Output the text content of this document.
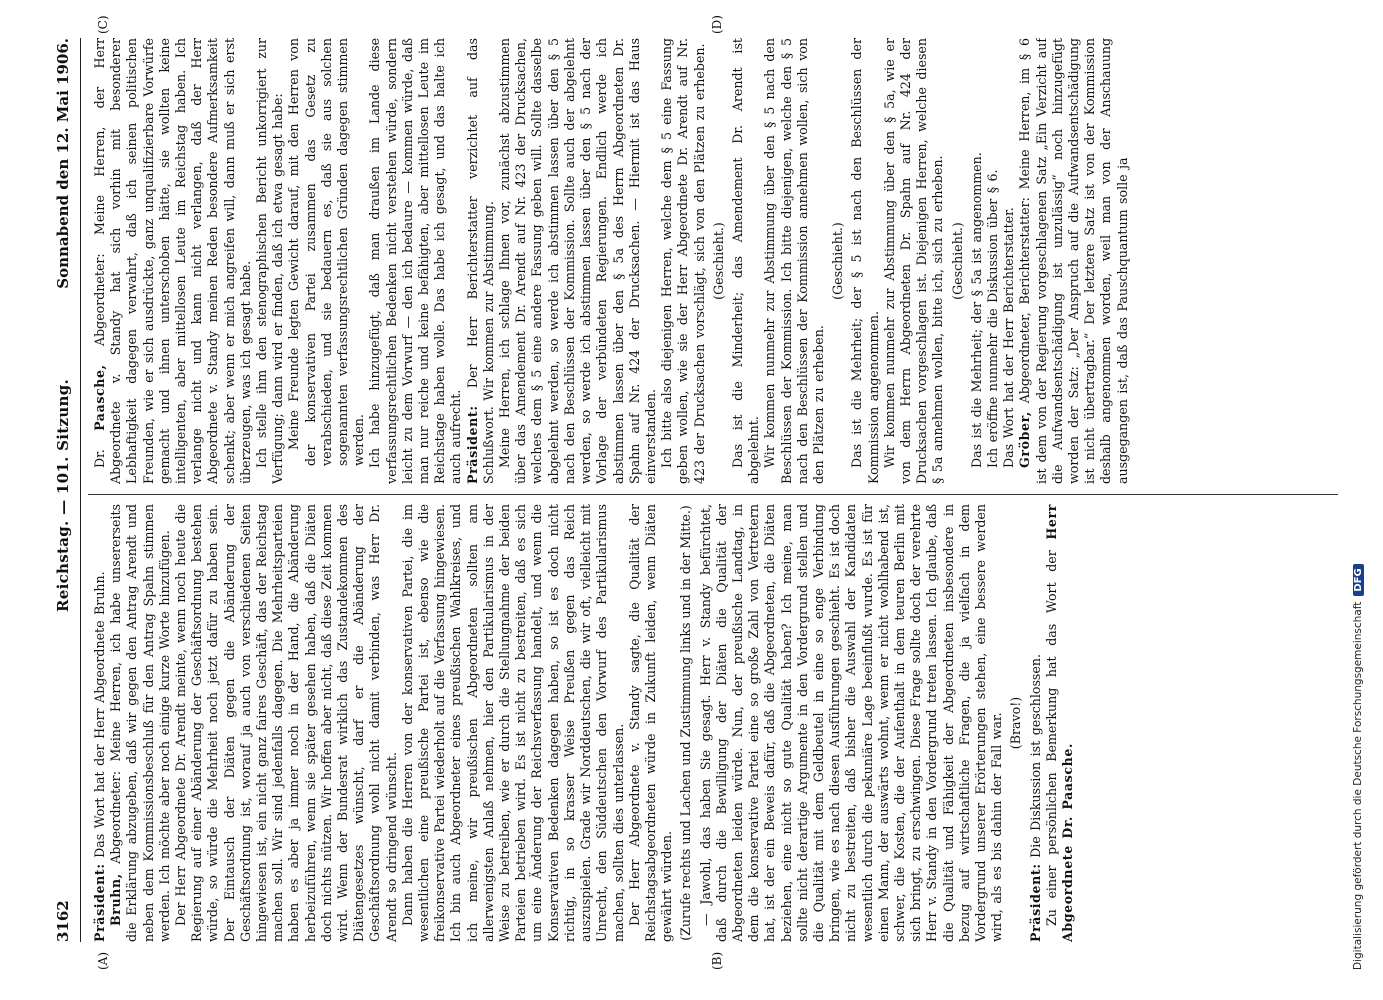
3162
Reichstag. — 101. Sitzung.
Sonnabend den 12. Mai 1906.
(A)	(B)
(C)	(D)

Präsident: Das Wort hat der Herr Abgeordnete Bruhn.

Bruhn, Abgeordneter: Meine Herren, ich habe unsererseits die Erklärung abzugeben, daß wir gegen den Antrag Arendt und neben dem Kommissionsbeschluß für den Antrag Spahn stimmen werden. Ich möchte aber noch einige kurze Worte hinzufügen. Der Herr Abgeordnete Dr. Arendt meinte, wenn noch heute die Regierung auf einer Abänderung der Geschäftsordnung bestehen würde, so würde die Mehrheit noch jetzt dafür zu haben sein. Der Eintausch der Diäten gegen die Abänderung der Geschäftsordnung ist, worauf ja auch von verschiedenen Seiten hingewiesen ist, ein nicht ganz faires Geschäft, das der Reichstag machen soll. Wir sind jedenfalls dagegen. Die Mehrheitsparteien haben es aber ja immer noch in der Hand, die Abänderung herbeizuführen, wenn sie später gesehen haben, daß die Diäten doch nichts nützen. Wir hoffen aber nicht, daß diese Zeit kommen wird. Wenn der Bundesrat wirklich das Zustandekommen des Diätengesetzes wünscht, darf er die Abänderung der Geschäftsordnung wohl nicht damit verbinden, was Herr Dr. Arendt so dringend wünscht. Dann haben die Herren von der konservativen Partei, die im wesentlichen eine preußische Partei ist, ebenso wie die freikonservative Partei wiederholt auf die Verfassung hingewiesen. Ich bin auch Abgeordneter eines preußischen Wahlkreises, und ich meine, wir preußischen Abgeordneten sollten am allerwenigsten Anlaß nehmen, hier den Partikularismus in der Weise zu betreiben, wie er durch die Stellungnahme der beiden Parteien betrieben wird. Es ist nicht zu bestreiten, daß es sich um eine Änderung der Reichsverfassung handelt, und wenn die Konservativen Bedenken dagegen haben, so ist es doch nicht richtig, in so krasser Weise Preußen gegen das Reich auszuspielen. Grade wir Norddeutschen, die wir oft, vielleicht mit Unrecht, den Süddeutschen den Vorwurf des Partikularismus machen, sollten dies unterlassen. Der Herr Abgeordnete v. Standy sagte, die Qualität der Reichstagsabgeordneten würde in Zukunft leiden, wenn Diäten gewährt würden. (Zurufe rechts und Lachen und Zustimmung links und in der Mitte.) — Jawohl, das haben Sie gesagt. Herr v. Standy befürchtet, daß durch die Bewilligung der Diäten die Qualität der Abgeordneten leiden würde. Nun, der preußische Landtag, in dem die konservative Partei eine so große Zahl von Vertretern hat, ist der ein Beweis dafür, daß die Abgeordneten, die Diäten beziehen, eine nicht so gute Qualität haben? Ich meine, man sollte nicht derartige Argumente in den Vordergrund stellen und die Qualität mit dem Geldbeutel in eine so enge Verbindung bringen, wie es nach diesen Ausführungen geschieht. Es ist doch nicht zu bestreiten, daß bisher die Auswahl der Kandidaten wesentlich durch die pekuniäre Lage beeinflußt wurde. Es ist für einen Mann, der auswärts wohnt, wenn er nicht wohlhabend ist, schwer, die Kosten, die der Aufenthalt in dem teuren Berlin mit sich bringt, zu erschwingen. Diese Frage sollte doch der verehrte Herr v. Standy in den Vordergrund treten lassen. Ich glaube, daß die Qualität und Fähigkeit der Abgeordneten insbesondere in bezug auf wirtschaftliche Fragen, die ja vielfach in dem Vordergrund unserer Erörterungen stehen, eine bessere werden wird, als es bis dahin der Fall war. (Bravo!)

Präsident: Die Diskussion ist geschlossen. Zu einer persönlichen Bemerkung hat das Wort der Herr Abgeordnete Dr. Paasche.

Dr. Paasche, Abgeordneter: Meine Herren, der Herr Abgeordnete v. Standy hat sich vorhin mit besonderer Lebhaftigkeit dagegen verwahrt, daß ich seinen politischen Freunden, wie er sich ausdrückte, ganz unqualifizierbare Vorwürfe gemacht und ihnen unterschoben hätte, sie wollten keine intelligenten, aber mittellosen Leute im Reichstag haben. Ich verlange nicht und kann nicht verlangen, daß der Herr Abgeordnete v. Standy meinen Reden besondere Aufmerksamkeit schenkt; aber wenn er mich angreifen will, dann muß er sich erst überzeugen, was ich gesagt habe. Ich stelle ihm den stenographischen Bericht unkorrigiert zur Verfügung; dann wird er finden, daß ich etwa gesagt habe: Meine Freunde legten Gewicht darauf, mit den Herren von der konservativen Partei zusammen das Gesetz zu verabschieden, und sie bedauern es, daß sie aus solchen sogenannten verfassungsrechtlichen Gründen dagegen stimmen werden. Ich habe hinzugefügt, daß man draußen im Lande diese verfassungsrechtlichen Bedenken nicht verstehen würde, sondern leicht zu dem Vorwurf — den ich bedaure — kommen würde, daß man nur reiche und keine befähigten, aber mittellosen Leute im Reichstage haben wolle. Das habe ich gesagt, und das halte ich auch aufrecht. Präsident: Der Herr Berichterstatter verzichtet auf das Schlußwort. Wir kommen zur Abstimmung. Meine Herren, ich schlage Ihnen vor, zunächst abzustimmen über das Amendement Dr. Arendt auf Nr. 423 der Drucksachen, welches dem § 5 eine andere Fassung geben will. Sollte dasselbe abgelehnt werden, so werde ich abstimmen lassen über den § 5 nach den Beschlüssen der Kommission. Sollte auch der abgelehnt werden, so werde ich abstimmen lassen über den § 5 nach der Vorlage der verbündeten Regierungen. Endlich werde ich abstimmen lassen über den § 5a des Herrn Abgeordneten Dr. Spahn auf Nr. 424 der Drucksachen. — Hiermit ist das Haus einverstanden. Ich bitte also diejenigen Herren, welche dem § 5 eine Fassung geben wollen, wie sie der Herr Abgeordnete Dr. Arendt auf Nr. 423 der Drucksachen vorschlägt, sich von den Plätzen zu erheben. (Geschieht.) Das ist die Minderheit; das Amendement Dr. Arendt ist abgelehnt. Wir kommen nunmehr zur Abstimmung über den § 5 nach den Beschlüssen der Kommission. Ich bitte diejenigen, welche den § 5 nach den Beschlüssen der Kommission annehmen wollen, sich von den Plätzen zu erheben.

(Geschieht.) Das ist die Mehrheit; der § 5 ist nach den Beschlüssen der Kommission angenommen. Wir kommen nunmehr zur Abstimmung über den § 5a, wie er von dem Herrn Abgeordneten Dr. Spahn auf Nr. 424 der Drucksachen vorgeschlagen ist. Diejenigen Herren, welche diesen § 5a annehmen wollen, bitte ich, sich zu erheben. (Geschieht.) Das ist die Mehrheit; der § 5a ist angenommen. Ich eröffne nunmehr die Diskussion über § 6. Das Wort hat der Herr Berichterstatter. Gröber, Abgeordneter, Berichterstatter: Meine Herren, im § 6 ist dem von der Regierung vorgeschlagenen Satz „Ein Verzicht auf die Aufwandsentschädigung ist unzulässig“ noch hinzugefügt worden der Satz: „Der Anspruch auf die Aufwandsentschädigung ist nicht übertragbar.“ Der letztere Satz ist von der Kommission deshalb angenommen worden, weil man von der Anschauung ausgegangen ist, daß das Pauschquantum solle ja

Digitalisierung gefördert durch die Deutsche ForschungsgemeinschaftDFG
